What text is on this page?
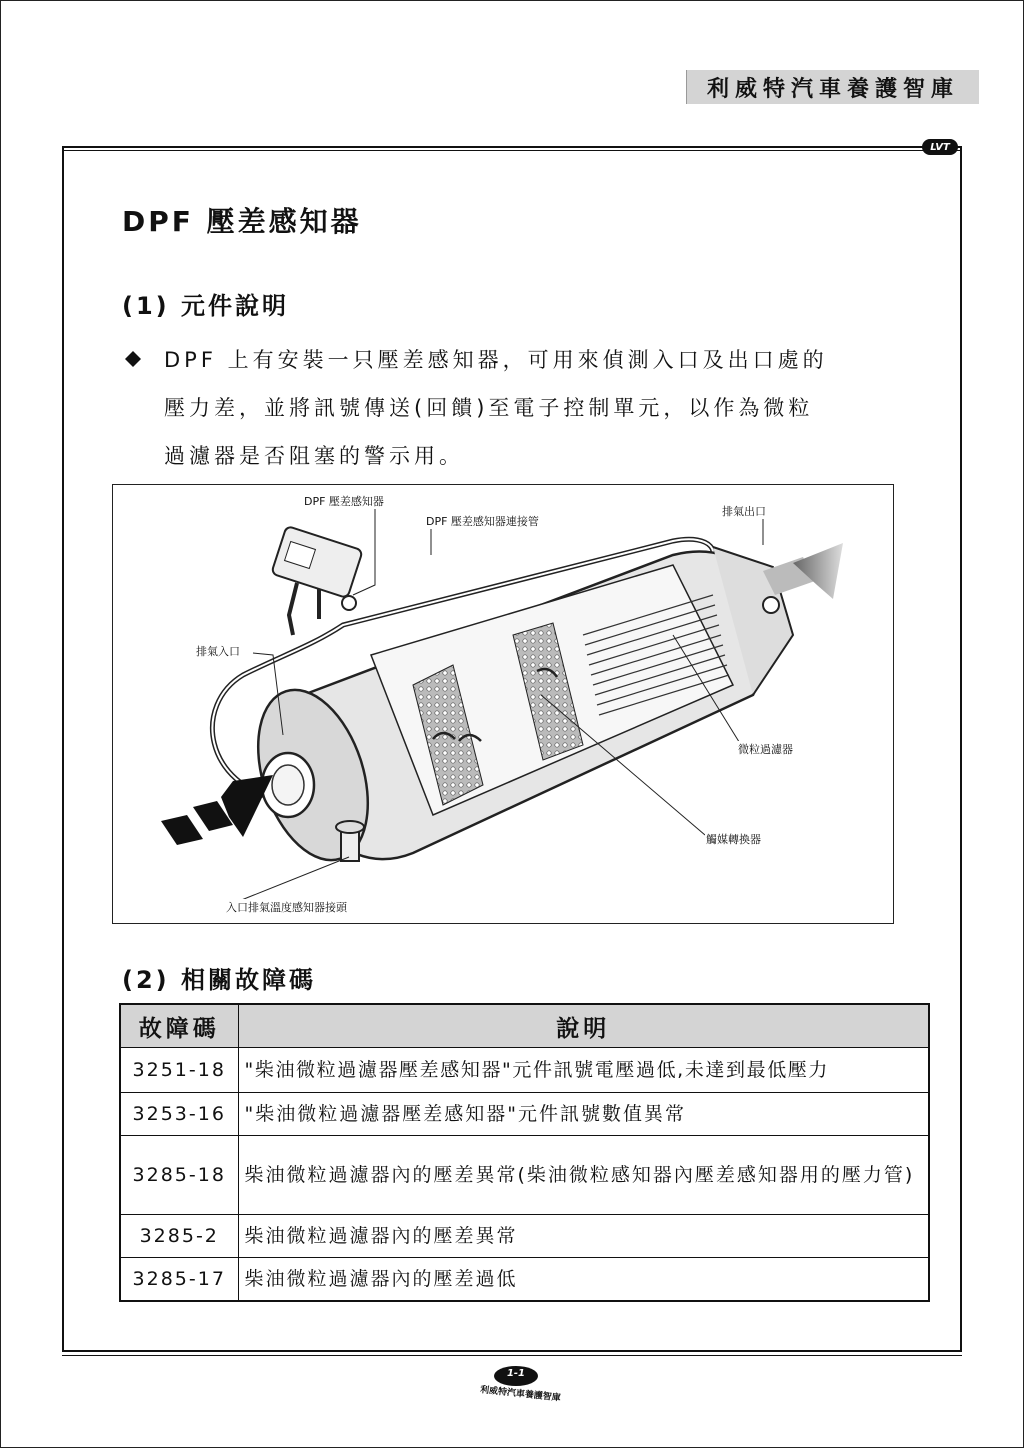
利威特汽車養護智庫
LVT
DPF 壓差感知器
(1) 元件說明
DPF 上有安裝一只壓差感知器，可用來偵測入口及出口處的
壓力差，並將訊號傳送(回饋)至電子控制單元，以作為微粒
過濾器是否阻塞的警示用。
DPF 壓差感知器
DPF 壓差感知器連接管
排氣出口
排氣入口
微粒過濾器
觸媒轉換器
入口排氣溫度感知器接頭
(2) 相關故障碼
故障碼	說明
3251-18	"柴油微粒過濾器壓差感知器"元件訊號電壓過低,未達到最低壓力
3253-16	"柴油微粒過濾器壓差感知器"元件訊號數值異常
3285-18	柴油微粒過濾器內的壓差異常(柴油微粒感知器內壓差感知器用的壓力管)
3285-2	柴油微粒過濾器內的壓差異常
3285-17	柴油微粒過濾器內的壓差過低
1-1
利威特汽車養護智庫
